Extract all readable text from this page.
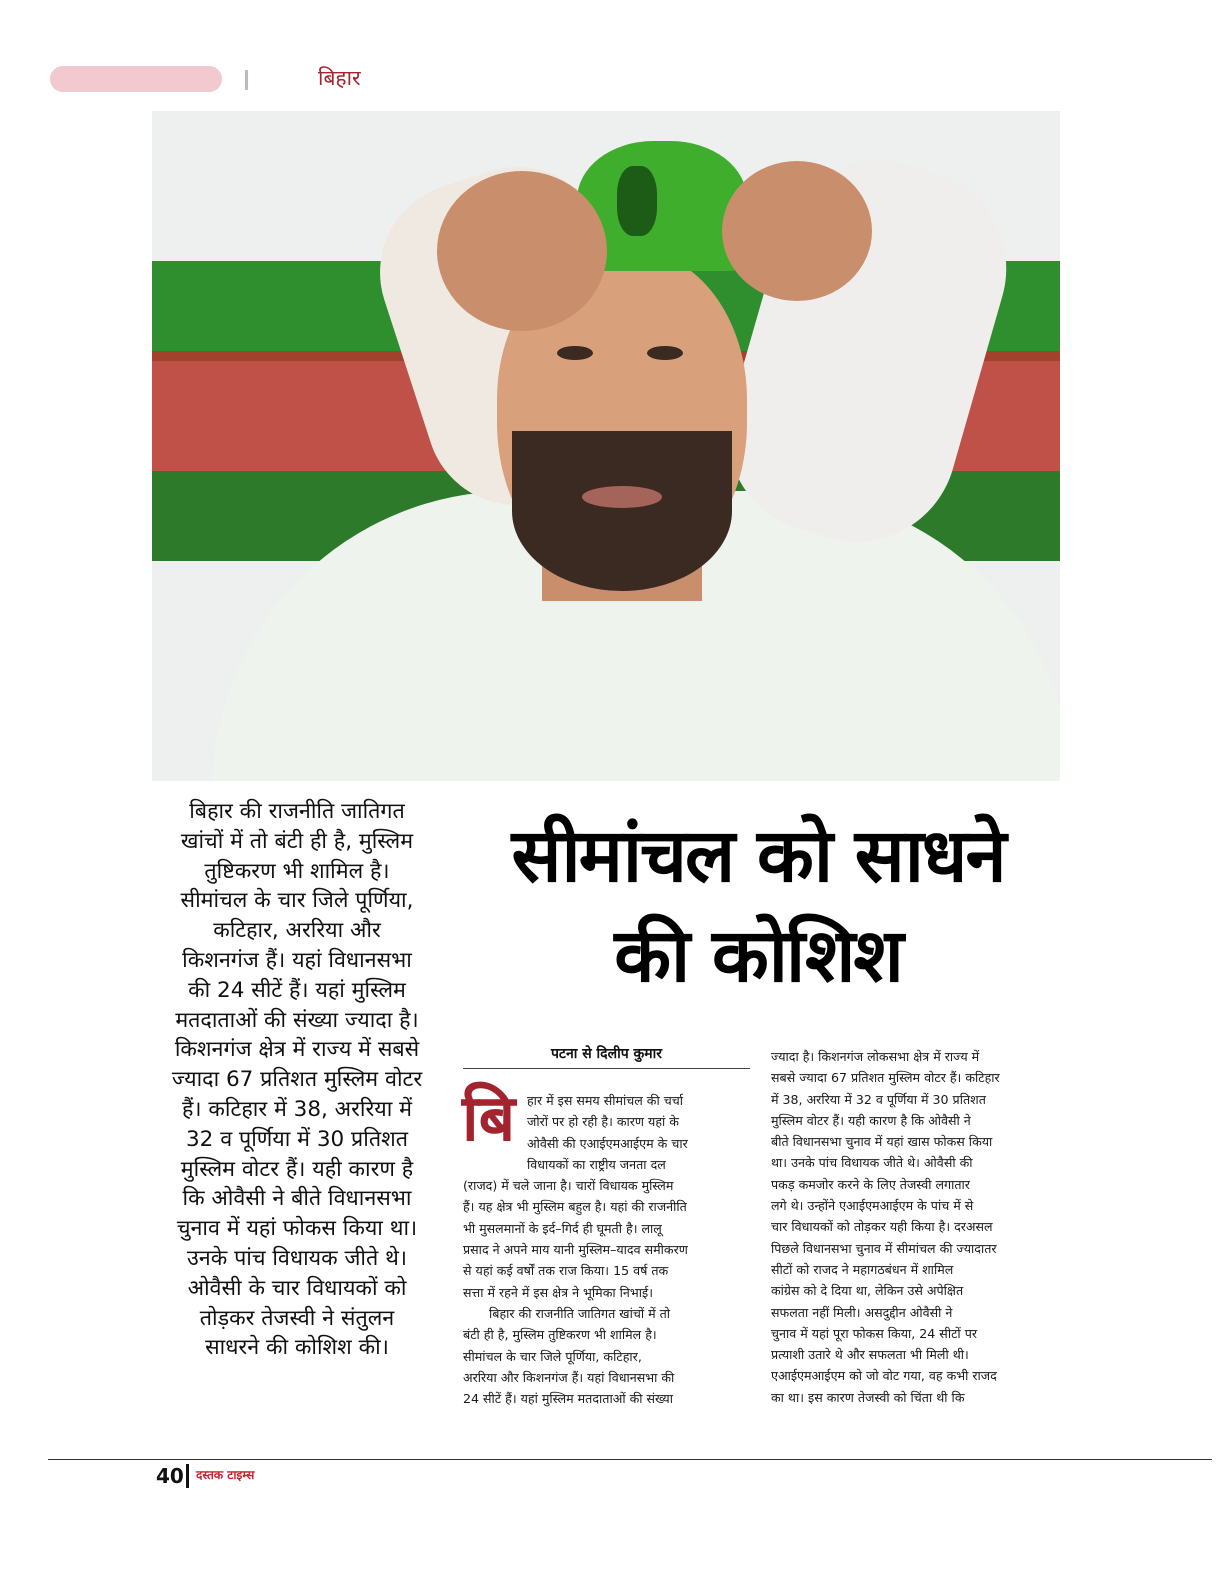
बिहार
बिहार की राजनीति जातिगत
खांचों में तो बंटी ही है, मुस्लिम
तुष्टिकरण भी शामिल है।
सीमांचल के चार जिले पूर्णिया,
कटिहार, अररिया और
किशनगंज हैं। यहां विधानसभा
की 24 सीटें हैं। यहां मुस्लिम
मतदाताओं की संख्या ज्यादा है।
किशनगंज क्षेत्र में राज्य में सबसे
ज्यादा 67 प्रतिशत मुस्लिम वोटर
हैं। कटिहार में 38, अररिया में
32 व पूर्णिया में 30 प्रतिशत
मुस्लिम वोटर हैं। यही कारण है
कि ओवैसी ने बीते विधानसभा
चुनाव में यहां फोकस किया था।
उनके पांच विधायक जीते थे।
ओवैसी के चार विधायकों को
तोड़कर तेजस्वी ने संतुलन
साधरने की कोशिश की।
सीमांचल को साधने
की कोशिश
पटना से दिलीप कुमार
बि हार में इस समय सीमांचल की चर्चा
जोरों पर हो रही है। कारण यहां के
ओवैसी की एआईएमआईएम के चार
विधायकों का राष्ट्रीय जनता दल
(राजद) में चले जाना है। चारों विधायक मुस्लिम
हैं। यह क्षेत्र भी मुस्लिम बहुल है। यहां की राजनीति
भी मुसलमानों के इर्द–गिर्द ही घूमती है। लालू
प्रसाद ने अपने माय यानी मुस्लिम–यादव समीकरण
से यहां कई वर्षों तक राज किया। 15 वर्ष तक
सत्ता में रहने में इस क्षेत्र ने भूमिका निभाई।
बिहार की राजनीति जातिगत खांचों में तो
बंटी ही है, मुस्लिम तुष्टिकरण भी शामिल है।
सीमांचल के चार जिले पूर्णिया, कटिहार,
अररिया और किशनगंज हैं। यहां विधानसभा की
24 सीटें हैं। यहां मुस्लिम मतदाताओं की संख्या
ज्यादा है। किशनगंज लोकसभा क्षेत्र में राज्य में
सबसे ज्यादा 67 प्रतिशत मुस्लिम वोटर हैं। कटिहार
में 38, अररिया में 32 व पूर्णिया में 30 प्रतिशत
मुस्लिम वोटर हैं। यही कारण है कि ओवैसी ने
बीते विधानसभा चुनाव में यहां खास फोकस किया
था। उनके पांच विधायक जीते थे। ओवैसी की
पकड़ कमजोर करने के लिए तेजस्वी लगातार
लगे थे। उन्होंने एआईएमआईएम के पांच में से
चार विधायकों को तोड़कर यही किया है। दरअसल
पिछले विधानसभा चुनाव में सीमांचल की ज्यादातर
सीटों को राजद ने महागठबंधन में शामिल
कांग्रेस को दे दिया था, लेकिन उसे अपेक्षित
सफलता नहीं मिली। असदुद्दीन ओवैसी ने
चुनाव में यहां पूरा फोकस किया, 24 सीटों पर
प्रत्याशी उतारे थे और सफलता भी मिली थी।
एआईएमआईएम को जो वोट गया, वह कभी राजद
का था। इस कारण तेजस्वी को चिंता थी कि
40 दस्तक टाइम्स
